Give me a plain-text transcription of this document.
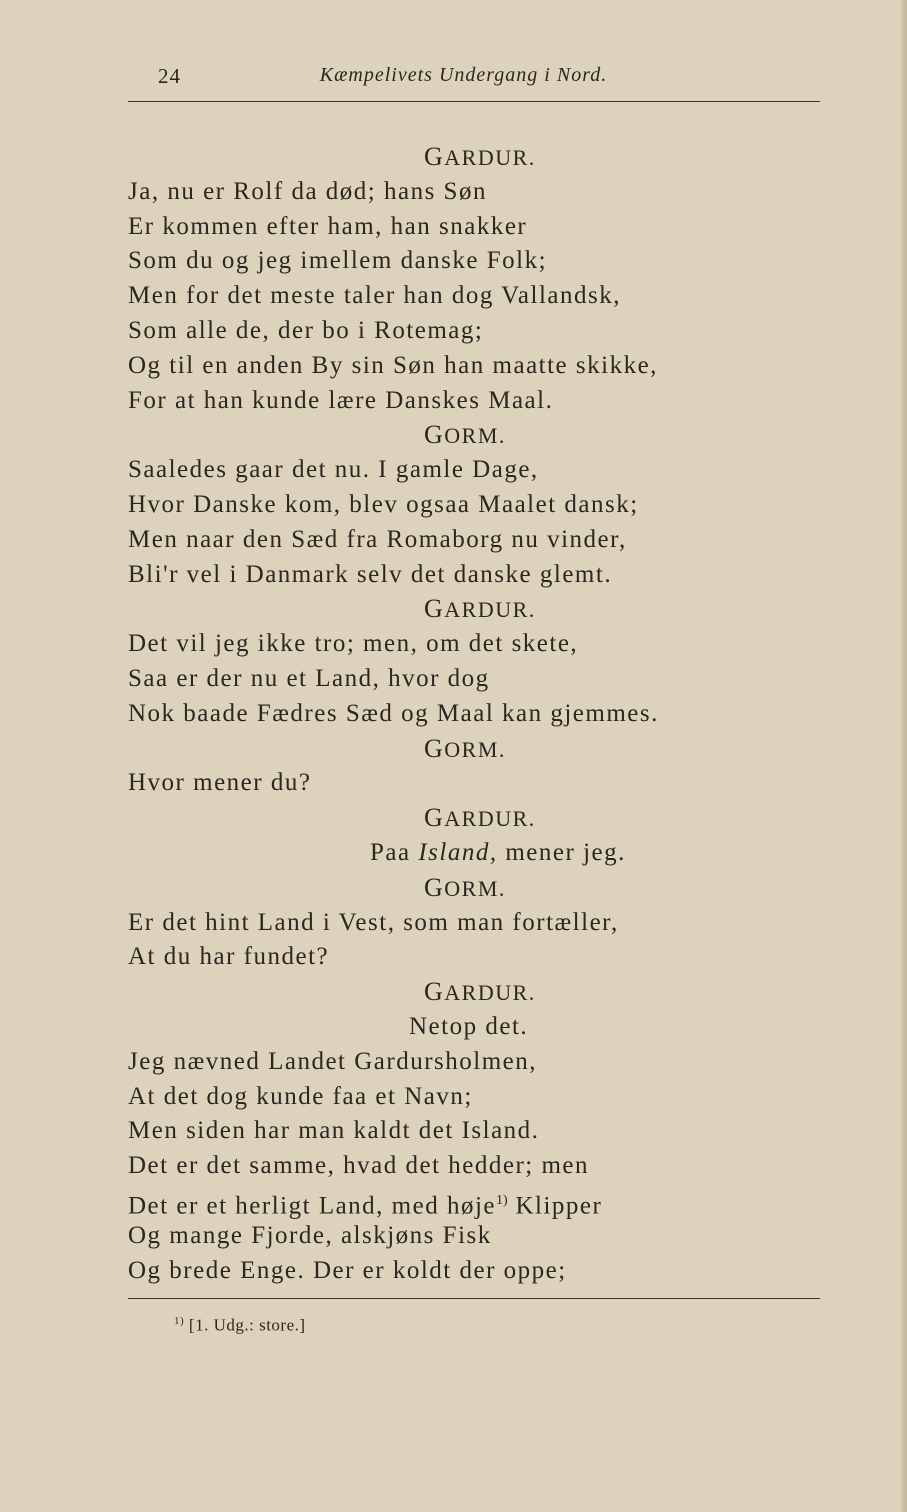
24	Kæmpelivets Undergang i Nord.
GARDUR.
Ja, nu er Rolf da død; hans Søn
Er kommen efter ham, han snakker
Som du og jeg imellem danske Folk;
Men for det meste taler han dog Vallandsk,
Som alle de, der bo i Rotemag;
Og til en anden By sin Søn han maatte skikke,
For at han kunde lære Danskes Maal.
GORM.
Saaledes gaar det nu. I gamle Dage,
Hvor Danske kom, blev ogsaa Maalet dansk;
Men naar den Sæd fra Romaborg nu vinder,
Bli'r vel i Danmark selv det danske glemt.
GARDUR.
Det vil jeg ikke tro; men, om det skete,
Saa er der nu et Land, hvor dog
Nok baade Fædres Sæd og Maal kan gjemmes.
GORM.
Hvor mener du?
GARDUR.
Paa Island, mener jeg.
GORM.
Er det hint Land i Vest, som man fortæller,
At du har fundet?
GARDUR.
Netop det.
Jeg nævned Landet Gardursholmen,
At det dog kunde faa et Navn;
Men siden har man kaldt det Island.
Det er det samme, hvad det hedder; men
Det er et herligt Land, med høje$^{1)}$ Klipper
Og mange Fjorde, alskjøns Fisk
Og brede Enge. Der er koldt der oppe;
$^{1)}$ [1. Udg.: store.]
